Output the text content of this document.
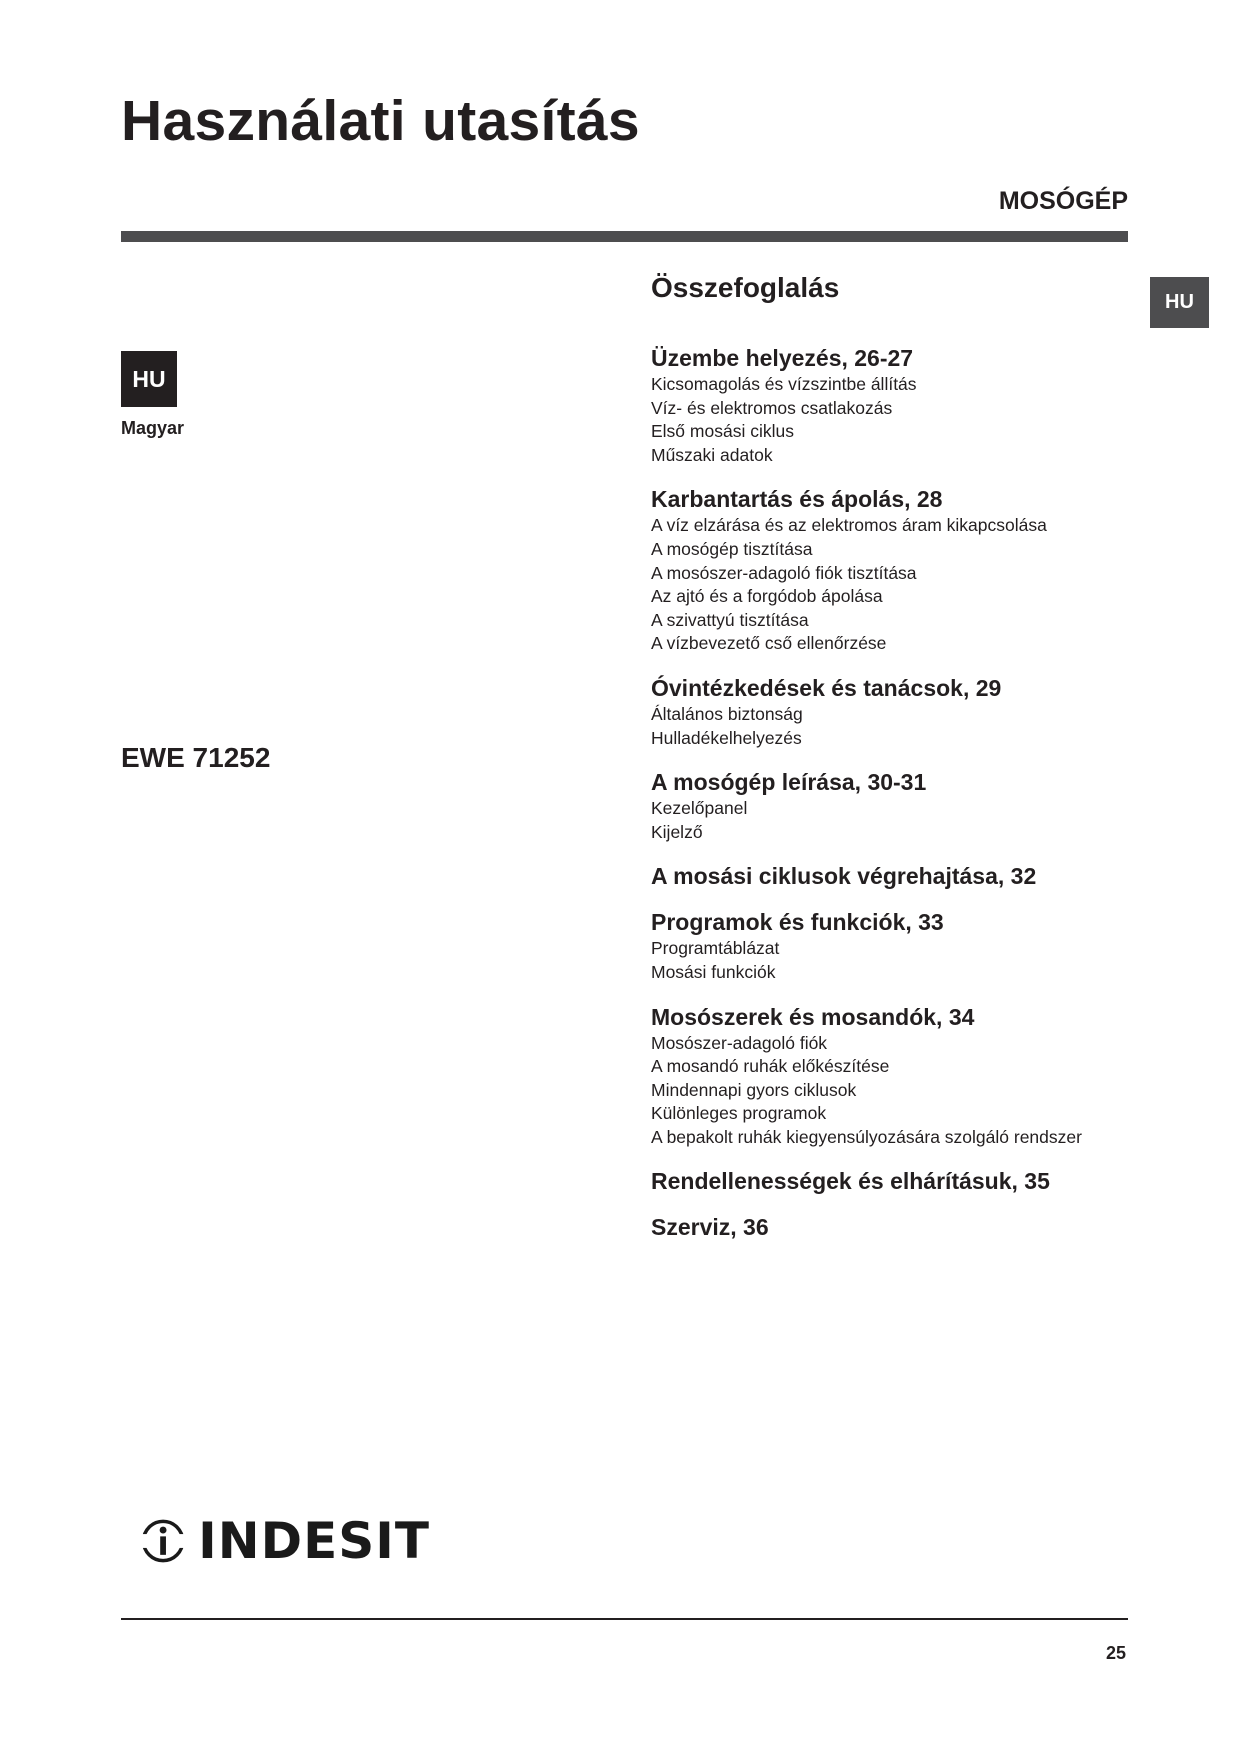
Használati utasítás
MOSÓGÉP
HU
HU
Magyar
EWE 71252
Összefoglalás
Üzembe helyezés, 26-27
Kicsomagolás és vízszintbe állítás
Víz- és elektromos csatlakozás
Első mosási ciklus
Műszaki adatok
Karbantartás és ápolás, 28
A víz elzárása és az elektromos áram kikapcsolása
A mosógép tisztítása
A mosószer-adagoló fiók tisztítása
Az ajtó és a forgódob ápolása
A szivattyú tisztítása
A vízbevezető cső ellenőrzése
Óvintézkedések és tanácsok, 29
Általános biztonság
Hulladékelhelyezés
A mosógép leírása, 30-31
Kezelőpanel
Kijelző
A mosási ciklusok végrehajtása, 32
Programok és funkciók, 33
Programtáblázat
Mosási funkciók
Mosószerek és mosandók, 34
Mosószer-adagoló fiók
A mosandó ruhák előkészítése
Mindennapi gyors ciklusok
Különleges programok
A bepakolt ruhák kiegyensúlyozására szolgáló rendszer
Rendellenességek és elhárításuk, 35
Szerviz, 36
INDESIT
25
